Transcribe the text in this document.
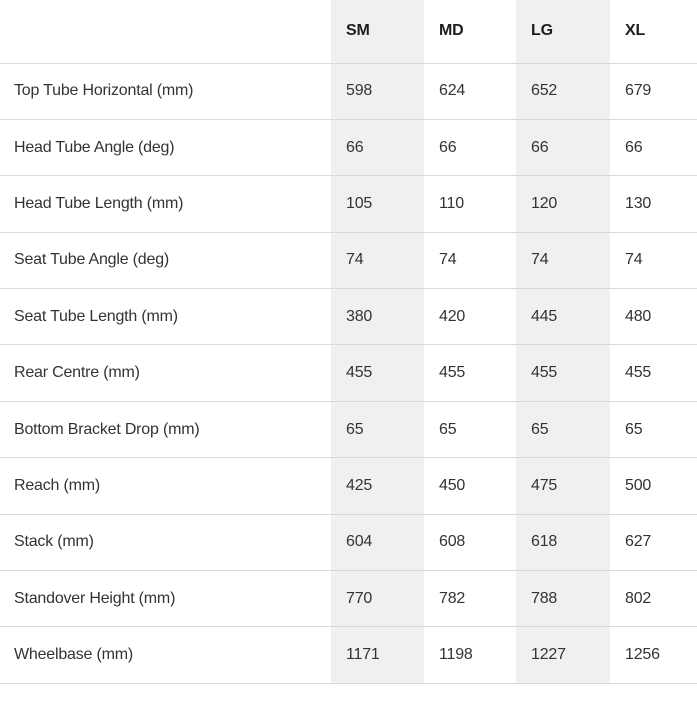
	SM	MD	LG	XL
Top Tube Horizontal (mm)	598	624	652	679
Head Tube Angle (deg)	66	66	66	66
Head Tube Length (mm)	105	110	120	130
Seat Tube Angle (deg)	74	74	74	74
Seat Tube Length (mm)	380	420	445	480
Rear Centre (mm)	455	455	455	455
Bottom Bracket Drop (mm)	65	65	65	65
Reach (mm)	425	450	475	500
Stack (mm)	604	608	618	627
Standover Height (mm)	770	782	788	802
Wheelbase (mm)	1171	1198	1227	1256
